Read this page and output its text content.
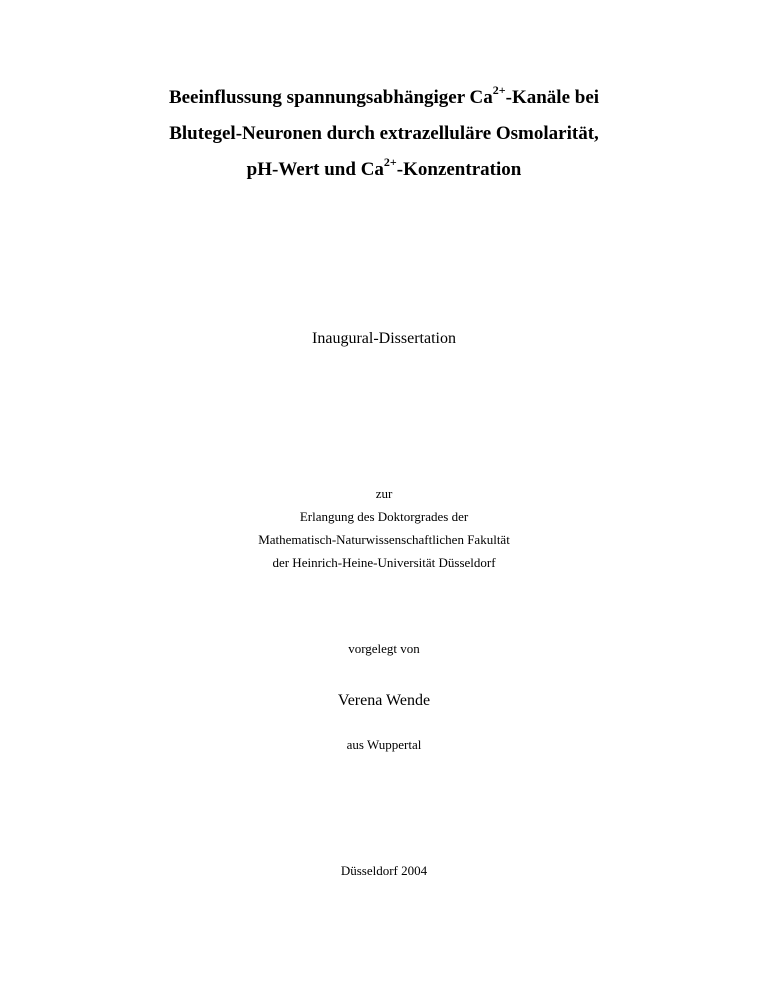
Beeinflussung spannungsabhängiger $Ca^{2+}$-Kanäle bei
Blutegel-Neuronen durch extrazelluläre Osmolarität,
pH-Wert und $Ca^{2+}$-Konzentration
Inaugural-Dissertation
zur
Erlangung des Doktorgrades der
Mathematisch-Naturwissenschaftlichen Fakultät
der Heinrich-Heine-Universität Düsseldorf
vorgelegt von
Verena Wende
aus Wuppertal
Düsseldorf 2004
